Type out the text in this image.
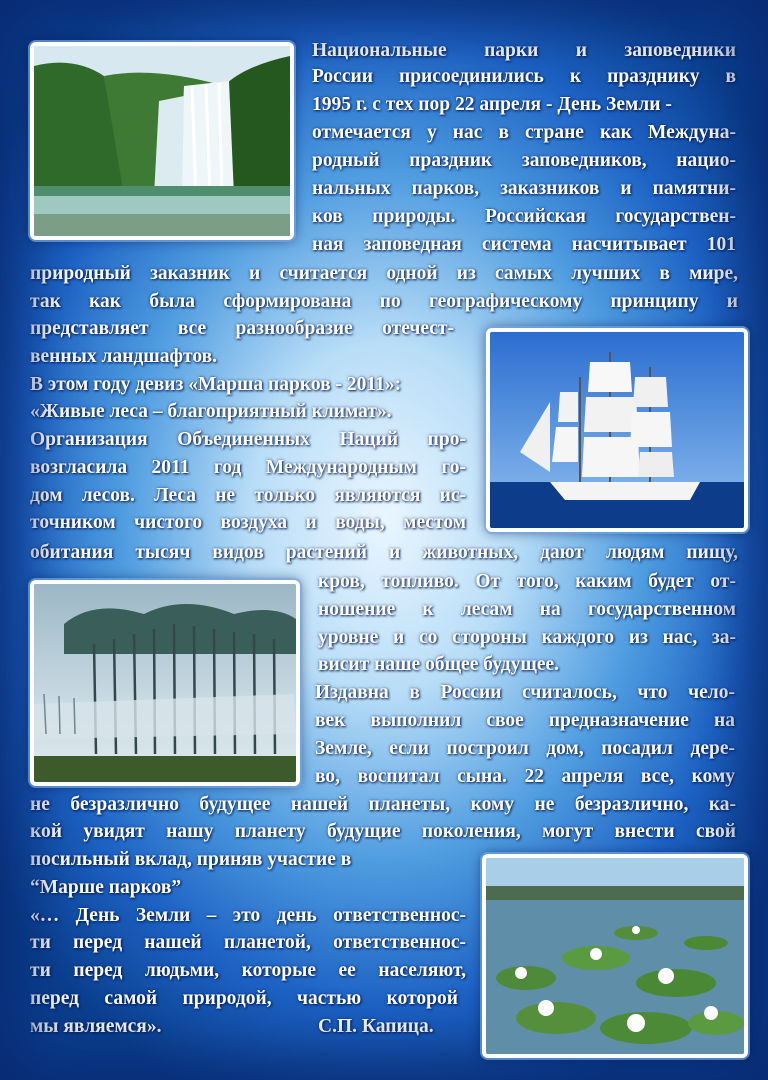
Национальные парки и заповедники

России присоединились к празднику в

1995 г. с тех пор 22 апреля - День Земли -

отмечается у нас в стране как Междуна-

родный праздник заповедников, нацио-

нальных парков, заказников и памятни-

ков природы. Российская государствен-

ная заповедная система насчитывает 101

природный заказник и считается одной из самых лучших в мире,

так как была сформирована по географическому принципу и

представляет все разнообразие отечест-

венных ландшафтов.

В этом году девиз «Марша парков - 2011»:

«Живые леса – благоприятный климат».

Организация Объединенных Наций про-

возгласила 2011 год Международным го-

дом лесов. Леса не только являются ис-

точником чистого воздуха и воды, местом

обитания тысяч видов растений и животных, дают людям пищу,

кров, топливо. От того, каким будет от-

ношение к лесам на государственном

уровне и со стороны каждого из нас, за-

висит наше общее будущее.

Издавна в России считалось, что чело-

век выполнил свое предназначение на

Земле, если построил дом, посадил дере-

во, воспитал сына. 22 апреля все, кому

не безразлично будущее нашей планеты, кому не безразлично, ка-

кой увидят нашу планету будущие поколения, могут внести свой

посильный вклад, приняв участие в

“Марше парков”

«… День Земли – это день ответственнос-

ти перед нашей планетой, ответственнос-

ти перед людьми, которые ее населяют,

перед самой природой, частью которой

мы являемся».	С.П. Капица.
